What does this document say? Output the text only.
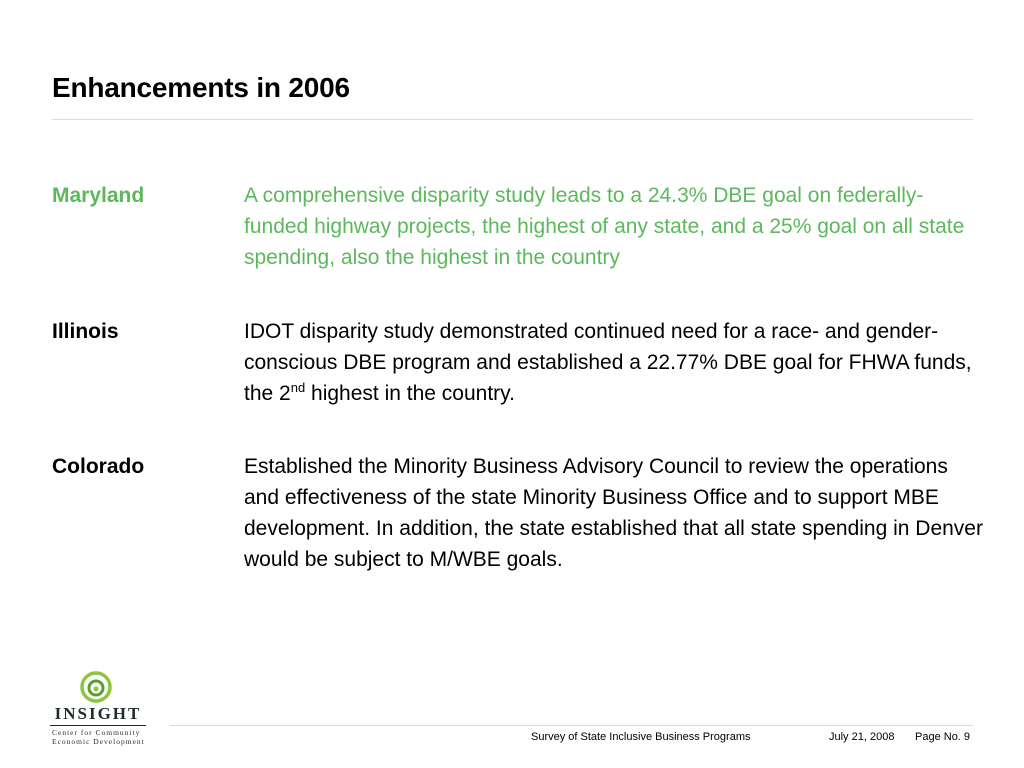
Enhancements in 2006
Maryland	A comprehensive disparity study leads to a 24.3% DBE goal on federally-funded highway projects, the highest of any state, and a 25% goal on all state spending, also the highest in the country
Illinois	IDOT disparity study demonstrated continued need for a race- and gender-conscious DBE program and established a 22.77% DBE goal for FHWA funds, the 2nd highest in the country.
Colorado	Established the Minority Business Advisory Council to review the operations and effectiveness of the state Minority Business Office and to support MBE development. In addition, the state established that all state spending in Denver would be subject to M/WBE goals.
INSIGHT
Center for Community
Economic Development	Survey of State Inclusive Business Programs	July 21, 2008 Page No. 9
